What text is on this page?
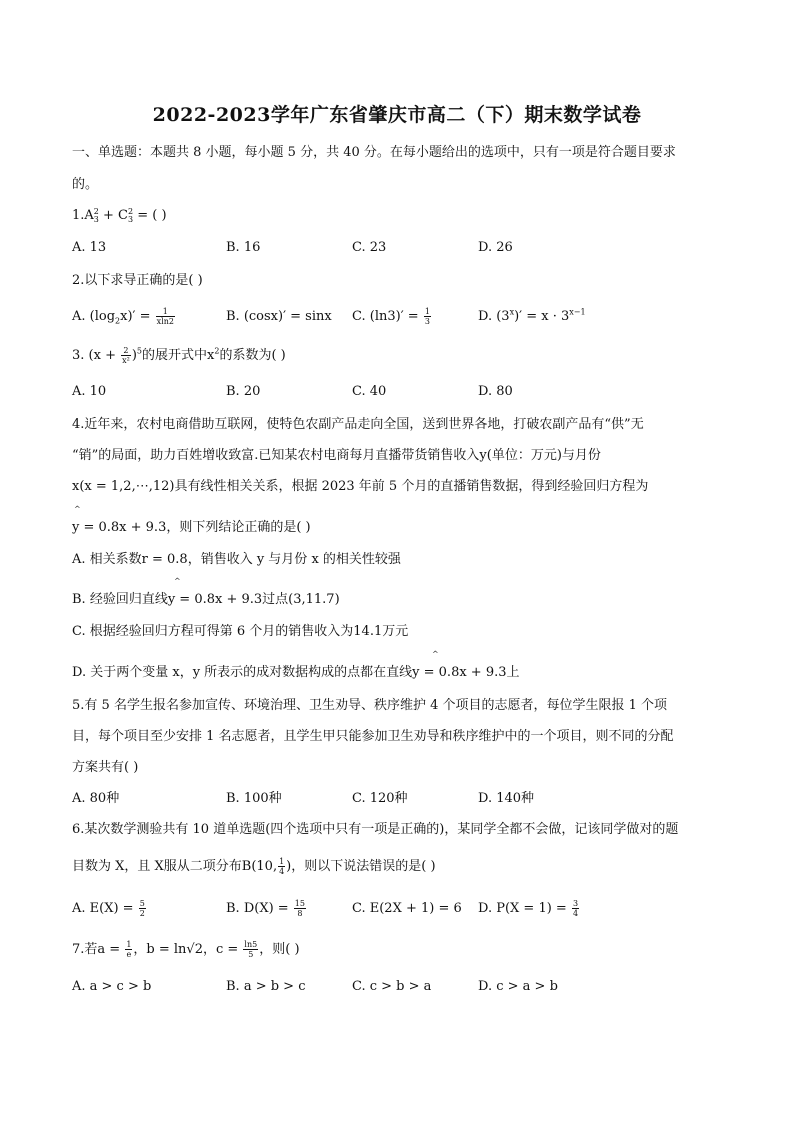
2022-2023学年广东省肇庆市高二（下）期末数学试卷
一、单选题：本题共 8 小题，每小题 5 分，共 40 分。在每小题给出的选项中，只有一项是符合题目要求
的。
1.A 2
3 + C 2
3 = ( )
A. 13	B. 16	C. 23	D. 26
2.以下求导正确的是( )
A. $(\log_2x)' = \frac{1}{xln2}$	B. (cosx)′ = sinx C. $(\ln 3)' = \frac{1}{3}$	D. $(3^x)' = x \cdot 3^{x-1}$
3. $(x + \frac{2}{\text{x²}} )^5$的展开式中$x^2$的系数为( )
A. 10	B. 20	C. 40	D. 80
4.近年来，农村电商借助互联网，使特色农副产品走向全国，送到世界各地，打破农副产品有“供”无
“销”的局面，助力百姓增收致富.已知某农村电商每月直播带货销售收入y(单位：万元)与月份
x(x = 1,2,⋯,12)具有线性相关关系，根据 2023 年前 5 个月的直播销售数据，得到经验回归方程为
^
y = 0.8x + 9.3，则下列结论正确的是( )
A. 相关系数r = 0.8，销售收入 y 与月份 x 的相关性较强
^
B. 经验回归直线y = 0.8x + 9.3过点(3,11.7)
C. 根据经验回归方程可得第 6 个月的销售收入为14.1万元
^
D. 关于两个变量 x，y 所表示的成对数据构成的点都在直线y = 0.8x + 9.3上
5.有 5 名学生报名参加宣传、环境治理、卫生劝导、秩序维护 4 个项目的志愿者，每位学生限报 1 个项
目，每个项目至少安排 1 名志愿者，且学生甲只能参加卫生劝导和秩序维护中的一个项目，则不同的分配
方案共有( )
A. 80种	B. 100种	C. 120种	D. 140种
6.某次数学测验共有 10 道单选题(四个选项中只有一项是正确的)，某同学全都不会做，记该同学做对的题
目数为 X，且 X服从二项分布B(10, $\frac{1}{4}$ )，则以下说法错误的是( )
A. $E(X) = \frac{5}{2}$	B. $D(X) = \frac{15}{8}$	C. E(2X + 1) = 6 D. $P(X = 1) = \frac{3}{4}$
7.若$a = \frac{1}{e}$ ，b = ln√2，$c = \frac{\ln 5}{5}$ ，则( )
A. a > c > b	B. a > b > c	C. c > b > a	D. c > a > b
